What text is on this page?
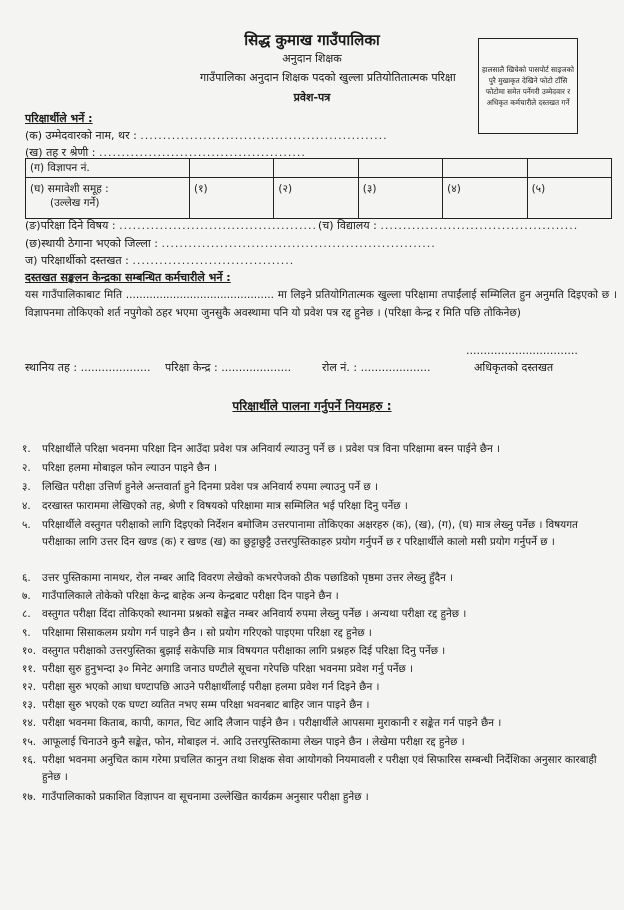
सिद्ध कुमाख गाउँपालिका
अनुदान शिक्षक
गाउँपालिका अनुदान शिक्षक पदको खुल्ला प्रतियोतितात्मक परिक्षा
प्रवेश-पत्र
हालसालै खिचेको पासपोर्ट साइजको पुरै मुखाकृत देखिने फोटो टाँसि फोटोमा समेत पर्नेगरी उम्मेदवार र अधिकृत कर्मचारीले दस्तखत गर्ने
परिक्षार्थीले भर्ने :
(क) उम्मेदवारको नाम, थर : .......................................................
(ख) तह र श्रेणी : ..............................................
(ग) विज्ञापन नं.					

(घ) समावेशी समूह :
(उल्लेख गर्ने)	(१)	(२)	(३)	(४)	(५)
(ङ)परिक्षा दिने विषय : ............................................ (च) विद्यालय : ............................................
(छ)स्थायी ठेगाना भएको जिल्ला : .............................................................
ज) परिक्षार्थीको दस्तखत : ....................................
दस्तखत सङ्कलन केन्द्रका सम्बन्धित कर्मचारीले भर्ने :
यस गाउँपालिकाबाट मिति ............................................ मा लिइने प्रतियोगितात्मक खुल्ला परिक्षामा तपाईंलाई सम्मिलित हुन अनुमति दिइएको छ । विज्ञापनमा तोकिएको शर्त नपुगेको ठहर भएमा जुनसुकै अवस्थामा पनि यो प्रवेश पत्र रद्द हुनेछ । (परिक्षा केन्द्र र मिति पछि तोकिनेछ)
................................
स्थानिय तह : .................... परिक्षा केन्द्र : ....................	रोल नं. : ....................	अधिकृतको दस्तखत
परिक्षार्थीले पालना गर्नुपर्ने नियमहरु :
१. परिक्षार्थीले परिक्षा भवनमा परिक्षा दिन आउँदा प्रवेश पत्र अनिवार्य ल्याउनु पर्ने छ । प्रवेश पत्र विना परिक्षामा बस्न पाईने छैन ।
२. परिक्षा हलमा मोबाइल फोन ल्याउन पाइने छैन ।
३. लिखित परीक्षा उत्तिर्ण हुनेले अन्तवार्ता हुने दिनमा प्रवेश पत्र अनिवार्य रुपमा ल्याउनु पर्ने छ ।
४. दरखास्त फाराममा लेखिएको तह, श्रेणी र विषयको परिक्षामा मात्र सम्मिलित भई परिक्षा दिनु पर्नेछ ।
५. परिक्षार्थीले वस्तुगत परीक्षाको लागि दिइएको निर्देशन बमोजिम उत्तरपानामा तोकिएका अक्षरहरु (क), (ख), (ग), (घ) मात्र लेख्नु पर्नेछ । विषयगत परीक्षाका लागि उत्तर दिन खण्ड (क) र खण्ड (ख) का छुट्टाछुट्टै उत्तरपुस्तिकाहरु प्रयोग गर्नुपर्ने छ र परिक्षार्थीले कालो मसी प्रयोग गर्नुपर्ने छ ।
६. उत्तर पुस्तिकामा नामथर, रोल नम्बर आदि विवरण लेखेको कभरपेजको ठीक पछाडिको पृष्ठमा उत्तर लेख्नु हुँदैन ।
७. गाउँपालिकाले तोकेको परिक्षा केन्द्र बाहेक अन्य केन्द्रबाट परीक्षा दिन पाइने छैन ।
८. वस्तुगत परीक्षा दिंदा तोकिएको स्थानमा प्रश्नको सङ्केत नम्बर अनिवार्य रुपमा लेख्नु पर्नेछ । अन्यथा परीक्षा रद्द हुनेछ ।
९. परिक्षामा सिसाकलम प्रयोग गर्न पाइने छैन । सो प्रयोग गरिएको पाइएमा परिक्षा रद्द हुनेछ ।
१०. वस्तुगत परीक्षाको उत्तरपुस्तिका बुझाई सकेपछि मात्र विषयगत परीक्षाका लागि प्रश्नहरु दिई परिक्षा दिनु पर्नेछ ।
११. परीक्षा सुरु हुनुभन्दा ३० मिनेट अगाडि जनाउ घण्टीले सूचना गरेपछि परिक्षा भवनमा प्रवेश गर्नु पर्नेछ ।
१२. परीक्षा सुरु भएको आधा घण्टापछि आउने परीक्षार्थीलाई परीक्षा हलमा प्रवेश गर्न दिइने छैन ।
१३. परीक्षा सुरु भएको एक घण्टा व्यतित नभए सम्म परिक्षा भवनबाट बाहिर जान पाइने छैन ।
१४. परीक्षा भवनमा किताब, कापी, कागत, चिट आदि लैजान पाईने छैन । परीक्षार्थीले आपसमा मुराकानी र सङ्केत गर्न पाइने छैन ।
१५. आफूलाई चिनाउने कुनै सङ्केत, फोन, मोबाइल नं. आदि उत्तरपुस्तिकामा लेख्न पाइने छैन । लेखेमा परीक्षा रद्द हुनेछ ।
१६. परीक्षा भवनमा अनुचित काम गरेमा प्रचलित कानुन तथा शिक्षक सेवा आयोगको नियमावली र परीक्षा एवं सिफारिस सम्बन्धी निर्देशिका अनुसार कारबाही हुनेछ ।
१७. गाउँपालिकाको प्रकाशित विज्ञापन वा सूचनामा उल्लेखित कार्यक्रम अनुसार परीक्षा हुनेछ ।
